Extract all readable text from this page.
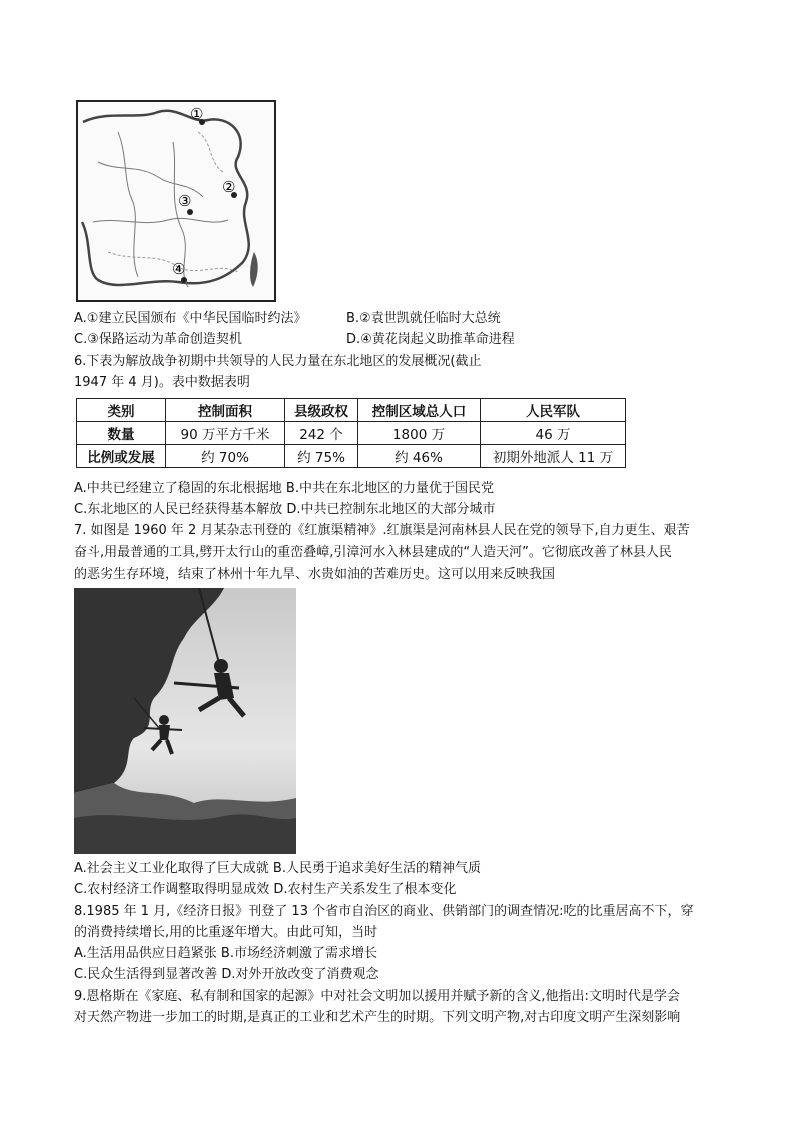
①
②
③
④
A.①建立民国颁布《中华民国临时约法》	B.②袁世凯就任临时大总统
C.③保路运动为革命创造契机	D.④黄花岗起义助推革命进程
6.下表为解放战争初期中共领导的人民力量在东北地区的发展概况(截止
1947 年 4 月)。表中数据表明
类别	控制面积	县级政权	控制区域总人口	人民军队
数量	90 万平方千米	242 个	1800 万	46 万
比例或发展	约 70%	约 75%	约 46%	初期外地派人 11 万
A.中共已经建立了稳固的东北根据地 B.中共在东北地区的力量优于国民党
C.东北地区的人民已经获得基本解放 D.中共已控制东北地区的大部分城市
7. 如图是 1960 年 2 月某杂志刊登的《红旗渠精神》.红旗渠是河南林县人民在党的领导下,自力更生、艰苦
奋斗,用最普通的工具,劈开太行山的重峦叠嶂,引漳河水入林县建成的“人造天河”。它彻底改善了林县人民
的恶劣生存环境，结束了林州十年九旱、水贵如油的苦难历史。这可以用来反映我国
A.社会主义工业化取得了巨大成就 B.人民勇于追求美好生活的精神气质
C.农村经济工作调整取得明显成效 D.农村生产关系发生了根本变化
8.1985 年 1 月,《经济日报》刊登了 13 个省市自治区的商业、供销部门的调查情况:吃的比重居高不下，穿
的消费持续增长,用的比重逐年增大。由此可知，当时
A.生活用品供应日趋紧张 B.市场经济刺激了需求增长
C.民众生活得到显著改善 D.对外开放改变了消费观念
9.恩格斯在《家庭、私有制和国家的起源》中对社会文明加以援用并赋予新的含义,他指出:文明时代是学会
对天然产物进一步加工的时期,是真正的工业和艺术产生的时期。下列文明产物,对古印度文明产生深刻影响
